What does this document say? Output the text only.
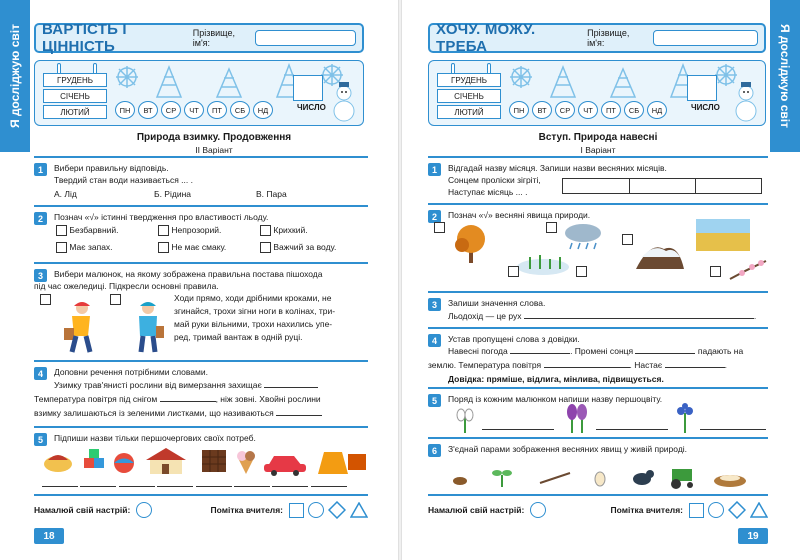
Я досліджую світ ВАРТІСТЬ І ЦІННІСТЬ
Прізвище, ім'я:
ГРУДЕНЬ
СІЧЕНЬ
ЛЮТИЙ	ПН	ВТ	СР	ЧТ	ПТ	СБ	НД	ЧИСЛО
Природа взимку. Продовження
ІІ Варіант
1	Вибери правильну відповідь.
Твердий стан води називається ... .
А. Лід	Б. Рідина	В. Пара
2	Познач «√» істинні твердження про властивості льоду.
Безбарвний.	Непрозорий.	Крихкий.
Має запах.	Не має смаку.	Важчий за воду.
3	Вибери малюнок, на якому зображена правильна постава пішохода
під час ожеледиці. Підкресли основні правила.
Ходи прямо, ходи дрібними кроками, не
згинайся, трохи зігни ноги в колінах, три-
май руки вільними, трохи нахились упе-
ред, тримай вантаж в одній руці.
4	Доповни речення потрібними словами.
Узимку трав'янисті рослини від вимерзання захищає
Температура повітря під снігом	, ніж зовні. Хвойні рослини
взимку залишаються із зеленими листками, що називаються
5	Підпиши назви тільки першочергових своїх потреб.

Намалюй свій настрій:	Помітка вчителя:
18
Я досліджую світ
ХОЧУ. МОЖУ. ТРЕБА
Прізвище, ім'я:
ГРУДЕНЬ
СІЧЕНЬ
ЛЮТИЙ	ПН	ВТ	СР	ЧТ	ПТ	СБ	НД	ЧИСЛО
Вступ. Природа навесні
І Варіант
1	Відгадай назву місяця. Запиши назви весняних місяців.
Сонцем пролiски зiгрiтi,
Наступає місяць ... .
2	Познач «√» весняні явища природи.
3	Запиши значення слова.
Льодохід — це рух	.
4	Устав пропущені слова з довідки.
Навесні погода	. Промені сонця	падають на
землю. Температура повітря	. Настає	.
Довідка: пряміше, відлига, мінлива, підвищується.
5	Поряд із кожним малюнком напиши назву першоцвіту.
6	З'єднай парами зображення весняних явищ у живій природі.
Намалюй свій настрій:	Помітка вчителя:
19
